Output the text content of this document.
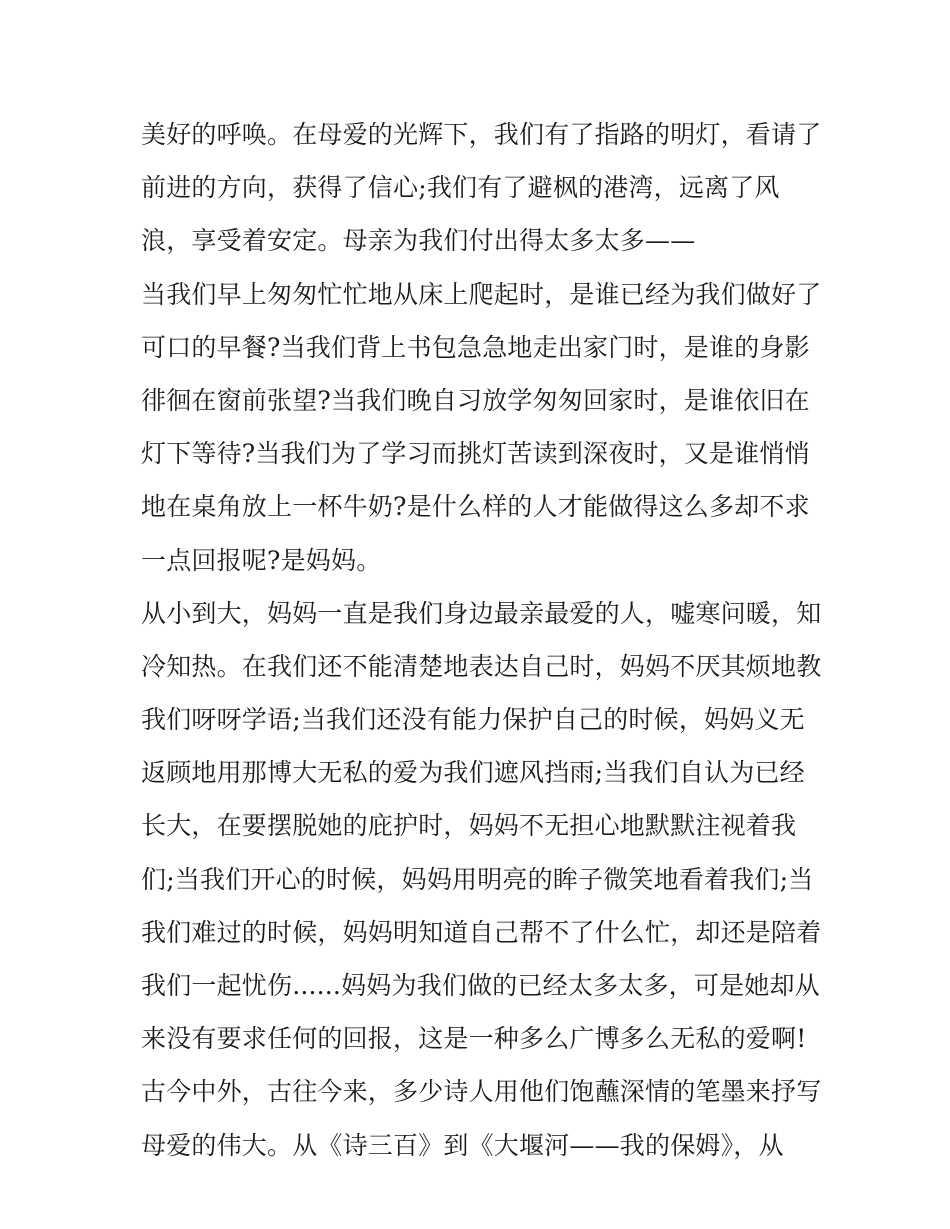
美好的呼唤。在母爱的光辉下，我们有了指路的明灯，看请了
前进的方向，获得了信心;我们有了避枫的港湾，远离了风
浪，享受着安定。母亲为我们付出得太多太多——
当我们早上匆匆忙忙地从床上爬起时，是谁已经为我们做好了
可口的早餐?当我们背上书包急急地走出家门时，是谁的身影
徘徊在窗前张望?当我们晚自习放学匆匆回家时，是谁依旧在
灯下等待?当我们为了学习而挑灯苦读到深夜时，又是谁悄悄
地在桌角放上一杯牛奶?是什么样的人才能做得这么多却不求
一点回报呢?是妈妈。
从小到大，妈妈一直是我们身边最亲最爱的人，嘘寒问暖，知
冷知热。在我们还不能清楚地表达自己时，妈妈不厌其烦地教
我们呀呀学语;当我们还没有能力保护自己的时候，妈妈义无
返顾地用那博大无私的爱为我们遮风挡雨;当我们自认为已经
长大，在要摆脱她的庇护时，妈妈不无担心地默默注视着我
们;当我们开心的时候，妈妈用明亮的眸子微笑地看着我们;当
我们难过的时候，妈妈明知道自己帮不了什么忙，却还是陪着
我们一起忧伤......妈妈为我们做的已经太多太多，可是她却从
来没有要求任何的回报，这是一种多么广博多么无私的爱啊!
古今中外，古往今来，多少诗人用他们饱蘸深情的笔墨来抒写
母爱的伟大。从《诗三百》到《大堰河——我的保姆》，从
